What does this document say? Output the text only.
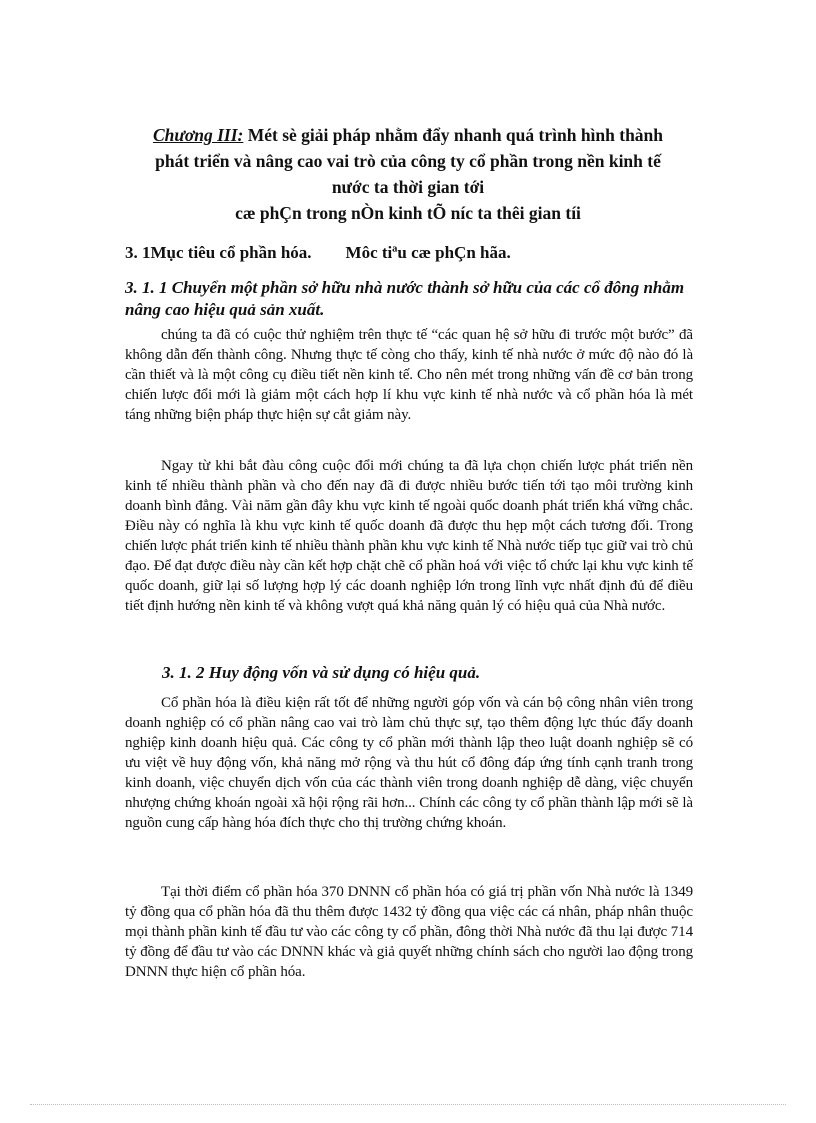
Chương III: Mét sè giải pháp nhằm đẩy nhanh quá trình hình thành
phát triển và nâng cao vai trò của công ty cổ phần trong nền kinh tế
nước ta thời gian tới
cæ phÇn trong nÒn kinh tÕ níc ta thêi gian tíi
3. 1Mục tiêu cổ phần hóa.        Môc tiªu cæ phÇn hãa.
3. 1. 1 Chuyển một phần sở hữu nhà nước thành sở hữu của các cổ đông nhằm nâng cao hiệu quả sản xuất.

chúng ta đã có cuộc thử nghiệm trên thực tế “các quan hệ sở hữu đi trước một bước” đã không dẫn đến thành công. Nhưng thực tế còng cho thấy, kinh tế nhà nước ở mức độ nào đó là cần thiết và là một công cụ điều tiết nền kinh tế. Cho nên mét trong những vấn đề cơ bản trong chiến lược đổi mới là giảm một cách hợp lí khu vực kinh tế nhà nước và cổ phần hóa là mét táng những biện pháp thực hiện sự cắt giảm này.

Ngay từ khi bắt đàu công cuộc đổi mới chúng ta đã lựa chọn chiến lược phát triển nền kinh tế nhiều thành phần và cho đến nay đã đi được nhiều bước tiến tới tạo môi trường kinh doanh bình đẳng. Vài năm gần đây khu vực kinh tế ngoài quốc doanh phát triển khá vững chắc. Điều này có nghĩa là khu vực kinh tế quốc doanh đã được thu hẹp một cách tương đối. Trong chiến lược phát triển kinh tế nhiều thành phần khu vực kinh tế Nhà nước tiếp tục giữ vai trò chủ đạo. Để đạt được điều này cần kết hợp chặt chẽ cổ phần hoá với việc tổ chức lại khu vực kinh tế quốc doanh, giữ lại số lượng hợp lý các doanh nghiệp lớn trong lĩnh vực nhất định đủ để điều tiết định hướng nền kinh tế và không vượt quá khả năng quản lý có hiệu quả của Nhà nước.

3. 1. 2 Huy động vốn và sử dụng có hiệu quả.

Cổ phần hóa là điều kiện rất tốt để những người góp vốn và cán bộ công nhân viên trong doanh nghiệp có cổ phần nâng cao vai trò làm chủ thực sự, tạo thêm động lực thúc đẩy doanh nghiệp kinh doanh hiệu quả. Các công ty cổ phần mới thành lập theo luật doanh nghiệp sẽ có ưu việt về huy động vốn, khả năng mở rộng và thu hút cổ đông đáp ứng tính cạnh tranh trong kinh doanh, việc chuyển dịch vốn của các thành viên trong doanh nghiệp dễ dàng, việc chuyển nhượng chứng khoán ngoài xã hội rộng rãi hơn... Chính các công ty cổ phần thành lập mới sẽ là nguồn cung cấp hàng hóa đích thực cho thị trường chứng khoán.

Tại thời điểm cổ phần hóa 370 DNNN cổ phần hóa có giá trị phần vốn Nhà nước là 1349 tỷ đồng qua cổ phần hóa đã thu thêm được 1432 tỷ đồng qua việc các cá nhân, pháp nhân thuộc mọi thành phần kinh tế đầu tư vào các công ty cổ phần, đông thời Nhà nước đã thu lại được 714 tỷ đồng để đầu tư vào các DNNN khác và giả quyết những chính sách cho người lao động trong DNNN thực hiện cổ phần hóa.
